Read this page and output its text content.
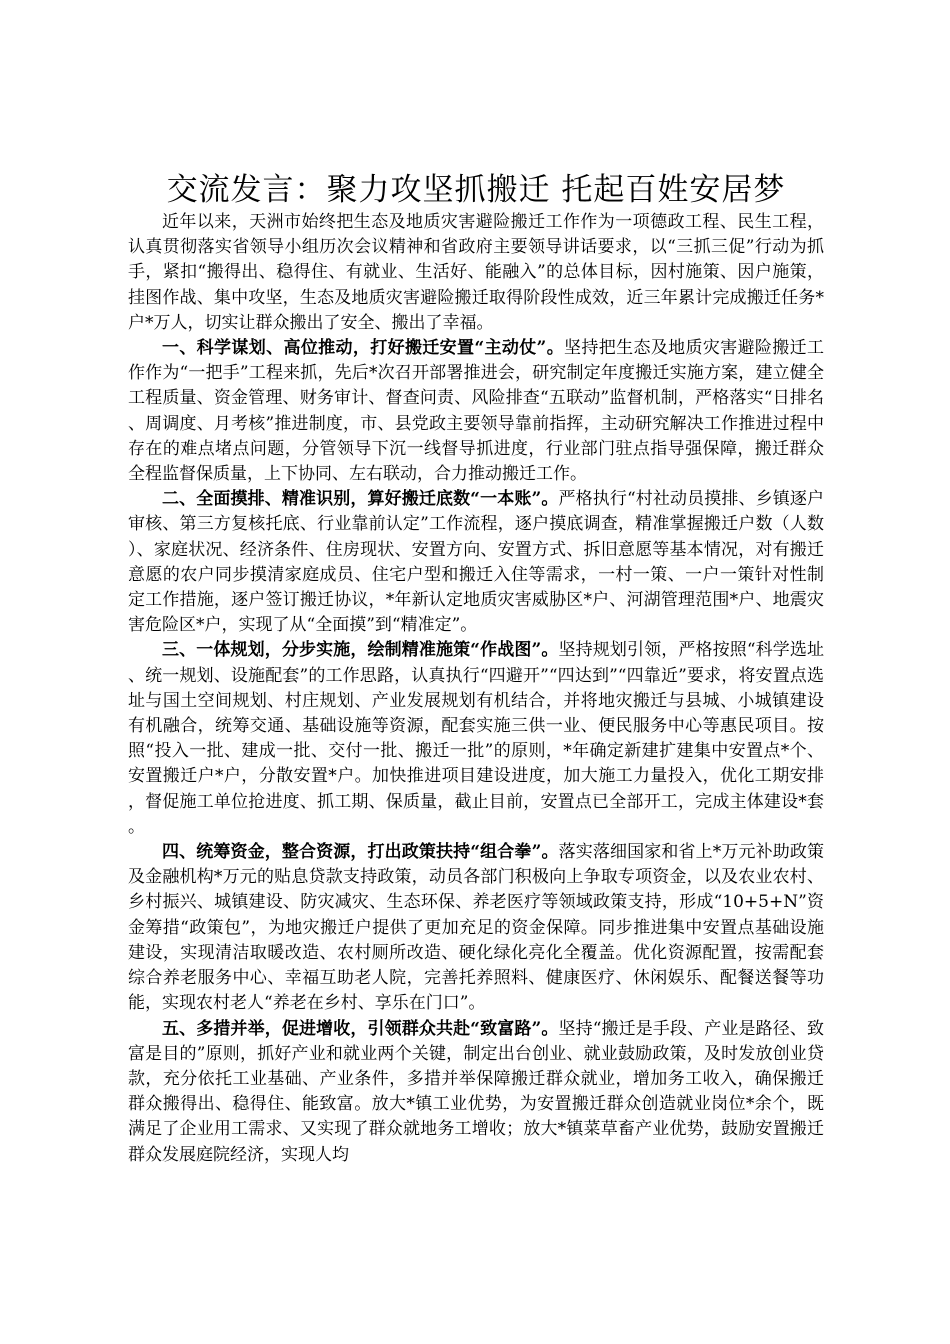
交流发言：聚力攻坚抓搬迁 托起百姓安居梦

近年以来，天洲市始终把生态及地质灾害避险搬迁工作作为一项德政工程、民生工程，认真贯彻落实省领导小组历次会议精神和省政府主要领导讲话要求，以“三抓三促”行动为抓手，紧扣“搬得出、稳得住、有就业、生活好、能融入”的总体目标，因村施策、因户施策，挂图作战、集中攻坚，生态及地质灾害避险搬迁取得阶段性成效，近三年累计完成搬迁任务*户*万人，切实让群众搬出了安全、搬出了幸福。

一、科学谋划、高位推动，打好搬迁安置“主动仗”。坚持把生态及地质灾害避险搬迁工作作为“一把手”工程来抓，先后*次召开部署推进会，研究制定年度搬迁实施方案，建立健全工程质量、资金管理、财务审计、督查问责、风险排查“五联动”监督机制，严格落实“日排名、周调度、月考核”推进制度，市、县党政主要领导靠前指挥，主动研究解决工作推进过程中存在的难点堵点问题，分管领导下沉一线督导抓进度，行业部门驻点指导强保障，搬迁群众全程监督保质量，上下协同、左右联动，合力推动搬迁工作。

二、全面摸排、精准识别，算好搬迁底数“一本账”。严格执行“村社动员摸排、乡镇逐户审核、第三方复核托底、行业靠前认定”工作流程，逐户摸底调查，精准掌握搬迁户数（人数）、家庭状况、经济条件、住房现状、安置方向、安置方式、拆旧意愿等基本情况，对有搬迁意愿的农户同步摸清家庭成员、住宅户型和搬迁入住等需求，一村一策、一户一策针对性制定工作措施，逐户签订搬迁协议，*年新认定地质灾害威胁区*户、河湖管理范围*户、地震灾害危险区*户，实现了从“全面摸”到“精准定”。

三、一体规划，分步实施，绘制精准施策“作战图”。坚持规划引领，严格按照“科学选址、统一规划、设施配套”的工作思路，认真执行“四避开”“四达到”“四靠近”要求，将安置点选址与国土空间规划、村庄规划、产业发展规划有机结合，并将地灾搬迁与县城、小城镇建设有机融合，统筹交通、基础设施等资源，配套实施三供一业、便民服务中心等惠民项目。按照“投入一批、建成一批、交付一批、搬迁一批”的原则，*年确定新建扩建集中安置点*个、安置搬迁户*户，分散安置*户。加快推进项目建设进度，加大施工力量投入，优化工期安排，督促施工单位抢进度、抓工期、保质量，截止目前，安置点已全部开工，完成主体建设*套。

四、统筹资金，整合资源，打出政策扶持“组合拳”。落实落细国家和省上*万元补助政策及金融机构*万元的贴息贷款支持政策，动员各部门积极向上争取专项资金，以及农业农村、乡村振兴、城镇建设、防灾减灾、生态环保、养老医疗等领域政策支持，形成“10+5+N”资金筹措“政策包”，为地灾搬迁户提供了更加充足的资金保障。同步推进集中安置点基础设施建设，实现清洁取暖改造、农村厕所改造、硬化绿化亮化全覆盖。优化资源配置，按需配套综合养老服务中心、幸福互助老人院，完善托养照料、健康医疗、休闲娱乐、配餐送餐等功能，实现农村老人“养老在乡村、享乐在门口”。

五、多措并举，促进增收，引领群众共赴“致富路”。坚持“搬迁是手段、产业是路径、致富是目的”原则，抓好产业和就业两个关键，制定出台创业、就业鼓励政策，及时发放创业贷款，充分依托工业基础、产业条件，多措并举保障搬迁群众就业，增加务工收入，确保搬迁群众搬得出、稳得住、能致富。放大*镇工业优势，为安置搬迁群众创造就业岗位*余个，既满足了企业用工需求、又实现了群众就地务工增收；放大*镇菜草畜产业优势，鼓励安置搬迁群众发展庭院经济，实现人均
